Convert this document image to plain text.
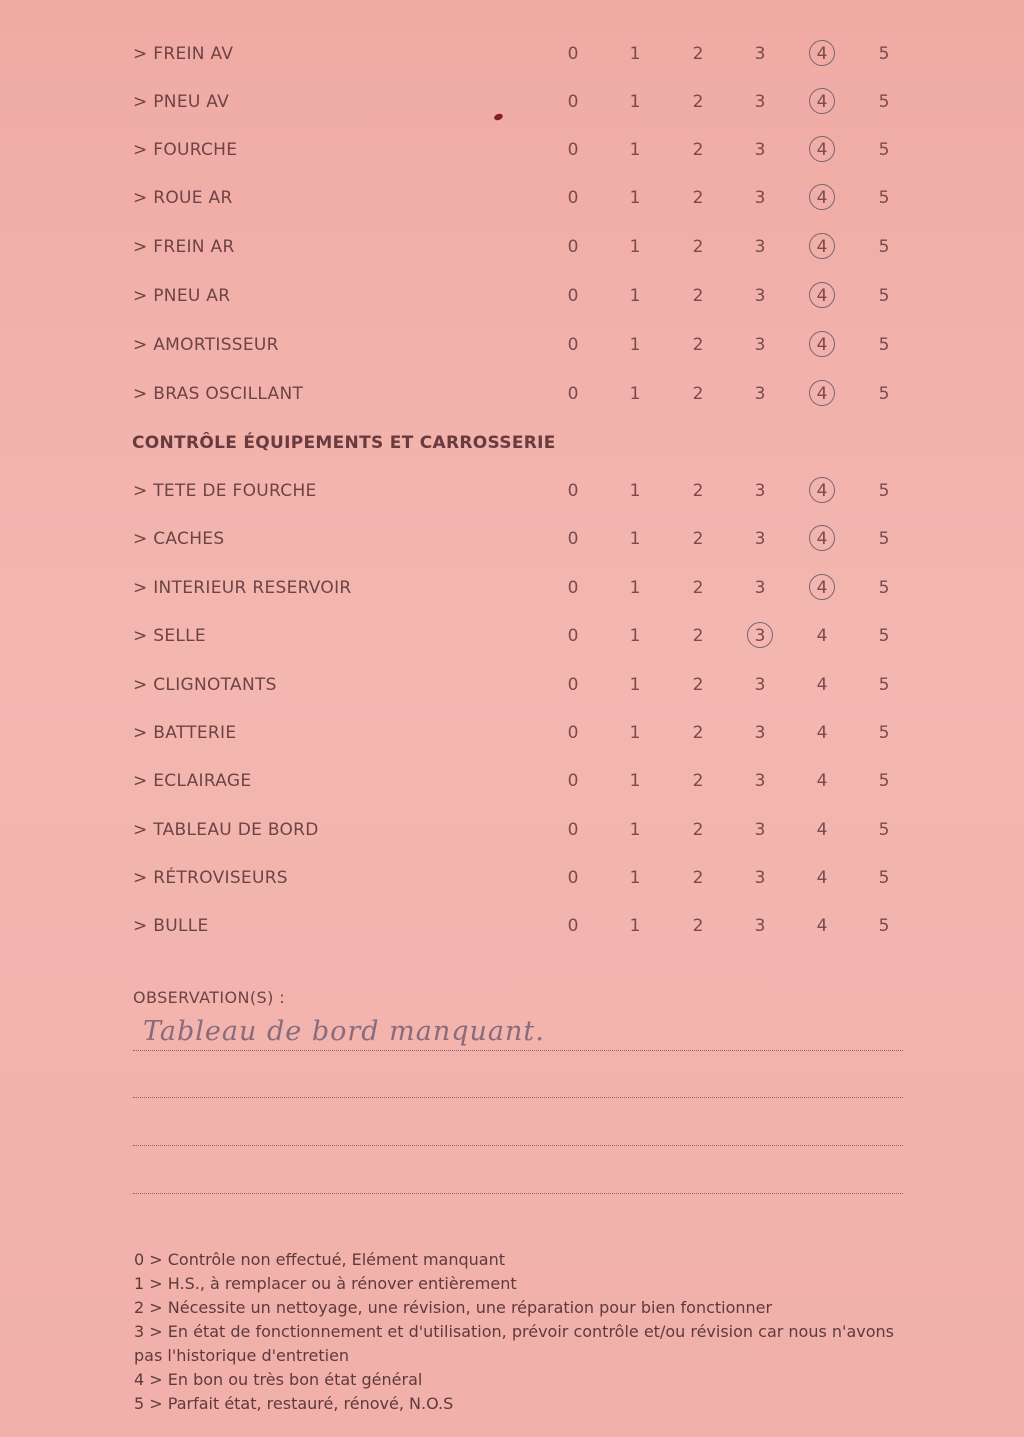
> FREIN AV	0	1	2	3	4	5
> PNEU AV	0	1	2	3	4	5
> FOURCHE	0	1	2	3	4	5
> ROUE AR	0	1	2	3	4	5
> FREIN AR	0	1	2	3	4	5
> PNEU AR	0	1	2	3	4	5
> AMORTISSEUR	0	1	2	3	4	5
> BRAS OSCILLANT	0	1	2	3	4	5
CONTRÔLE ÉQUIPEMENTS ET CARROSSERIE
> TETE DE FOURCHE	0	1	2	3	4	5
> CACHES	0	1	2	3	4	5
> INTERIEUR RESERVOIR	0	1	2	3	4	5
> SELLE	0	1	2	3	4	5
> CLIGNOTANTS	0	1	2	3	4	5
> BATTERIE	0	1	2	3	4	5
> ECLAIRAGE	0	1	2	3	4	5
> TABLEAU DE BORD	0	1	2	3	4	5
> RÉTROVISEURS	0	1	2	3	4	5
> BULLE	0	1	2	3	4	5
OBSERVATION(S) :
Tableau de bord manquant.
0 > Contrôle non effectué, Elément manquant
1 > H.S., à remplacer ou à rénover entièrement
2 > Nécessite un nettoyage, une révision, une réparation pour bien fonctionner
3 > En état de fonctionnement et d'utilisation, prévoir contrôle et/ou révision car nous n'avons pas l'historique d'entretien
4 > En bon ou très bon état général
5 > Parfait état, restauré, rénové, N.O.S
